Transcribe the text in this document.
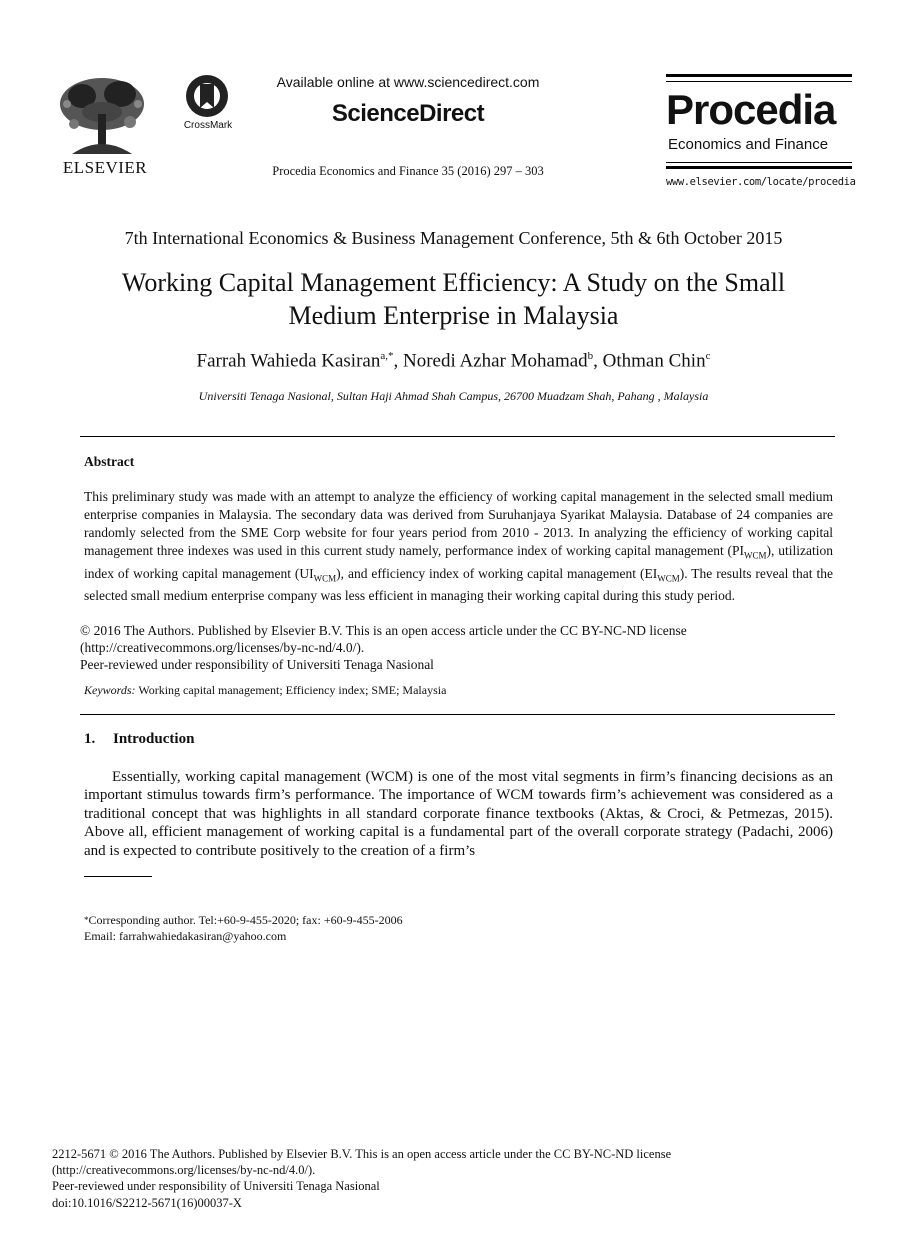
ELSEVIER
CrossMark
Available online at www.sciencedirect.com
ScienceDirect
Procedia Economics and Finance 35 (2016) 297 – 303
Procedia
Economics and Finance
www.elsevier.com/locate/procedia
7th International Economics & Business Management Conference, 5th & 6th October 2015
Working Capital Management Efficiency: A Study on the Small Medium Enterprise in Malaysia
Farrah Wahieda Kasiran$^{a,*}$, Noredi Azhar Mohamad$^b$, Othman Chin$^c$
Universiti Tenaga Nasional, Sultan Haji Ahmad Shah Campus, 26700 Muadzam Shah, Pahang , Malaysia
Abstract
This preliminary study was made with an attempt to analyze the efficiency of working capital management in the selected small medium enterprise companies in Malaysia. The secondary data was derived from Suruhanjaya Syarikat Malaysia. Database of 24 companies are randomly selected from the SME Corp website for four years period from 2010 - 2013. In analyzing the efficiency of working capital management three indexes was used in this current study namely, performance index of working capital management $(PI_{WCM})$, utilization index of working capital management $(UI_{WCM})$, and efficiency index of working capital management $(EI_{WCM})$. The results reveal that the selected small medium enterprise company was less efficient in managing their working capital during this study period.
© 2016 The Authors. Published by Elsevier B.V. This is an open access article under the CC BY-NC-ND license
(http://creativecommons.org/licenses/by-nc-nd/4.0/).
Peer-reviewed under responsibility of Universiti Tenaga Nasional
Keywords: Working capital management; Efficiency index; SME; Malaysia
1. Introduction
Essentially, working capital management (WCM) is one of the most vital segments in firm’s financing decisions as an important stimulus towards firm’s performance. The importance of WCM towards firm’s achievement was considered as a traditional concept that was highlights in all standard corporate finance textbooks (Aktas, & Croci, & Petmezas, 2015). Above all, efficient management of working capital is a fundamental part of the overall corporate strategy (Padachi, 2006) and is expected to contribute positively to the creation of a firm’s
*Corresponding author. Tel:+60-9-455-2020; fax: +60-9-455-2006
Email: farrahwahiedakasiran@yahoo.com
2212-5671 © 2016 The Authors. Published by Elsevier B.V. This is an open access article under the CC BY-NC-ND license
(http://creativecommons.org/licenses/by-nc-nd/4.0/).
Peer-reviewed under responsibility of Universiti Tenaga Nasional
doi:10.1016/S2212-5671(16)00037-X
